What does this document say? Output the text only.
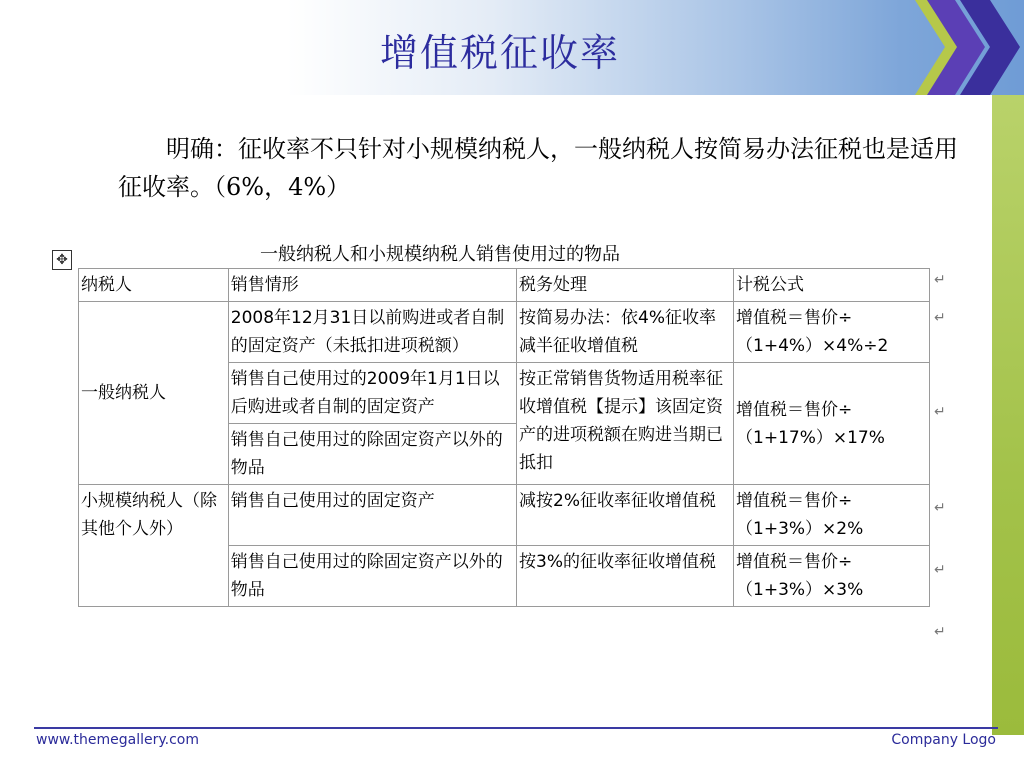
增值税征收率
明确：征收率不只针对小规模纳税人，一般纳税人按简易办法征税也是适用征收率。（6%，4%）
✥	一般纳税人和小规模纳税人销售使用过的物品
纳税人	销售情形	税务处理	计税公式
一般纳税人	2008年12月31日以前购进或者自制的固定资产（未抵扣进项税额）	按简易办法：依4%征收率减半征收增值税	增值税＝售价÷（1+4%）×4%÷2
	销售自己使用过的2009年1月1日以后购进或者自制的固定资产	按正常销售货物适用税率征收增值税【提示】该固定资产的进项税额在购进当期已抵扣	增值税＝售价÷（1+17%）×17%
	销售自己使用过的除固定资产以外的物品		
小规模纳税人（除其他个人外）	销售自己使用过的固定资产	减按2%征收率征收增值税	增值税＝售价÷（1+3%）×2%
	销售自己使用过的除固定资产以外的物品	按3%的征收率征收增值税	增值税＝售价÷（1+3%）×3%
↵
↵
↵
↵
↵
↵
www.themegallery.com	Company Logo
